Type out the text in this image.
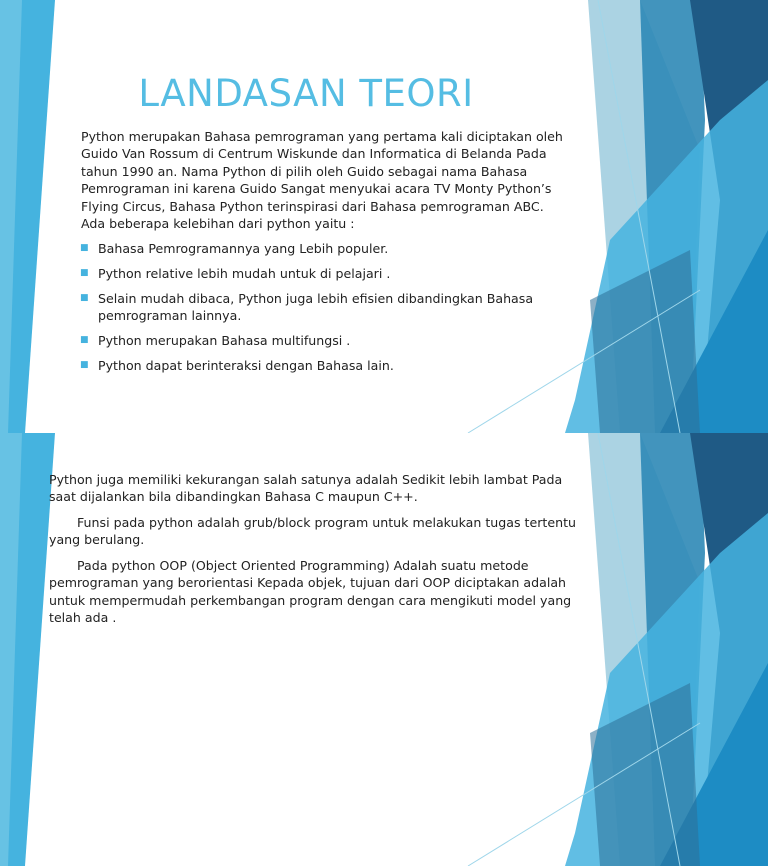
LANDASAN TEORI

Python merupakan Bahasa pemrograman yang pertama kali diciptakan oleh Guido Van Rossum di Centrum Wiskunde dan Informatica di Belanda Pada tahun 1990 an. Nama Python di pilih oleh Guido sebagai nama Bahasa Pemrograman ini karena Guido Sangat menyukai acara TV Monty Python’s Flying Circus, Bahasa Python terinspirasi dari Bahasa pemrograman ABC. Ada beberapa kelebihan dari python yaitu :

■ Bahasa Pemrogramannya yang Lebih populer.
■ Python relative lebih mudah untuk di pelajari .
■ Selain mudah dibaca, Python juga lebih efisien dibandingkan Bahasa pemrograman lainnya.
■ Python merupakan Bahasa multifungsi .
■ Python dapat berinteraksi dengan Bahasa lain.

Python juga memiliki kekurangan salah satunya adalah Sedikit lebih lambat Pada saat dijalankan bila dibandingkan Bahasa C maupun C++.

Funsi pada python adalah grub/block program untuk melakukan tugas tertentu yang berulang.

Pada python OOP (Object Oriented Programming) Adalah suatu metode pemrograman yang berorientasi Kepada objek, tujuan dari OOP diciptakan adalah untuk mempermudah perkembangan program dengan cara mengikuti model yang telah ada .
